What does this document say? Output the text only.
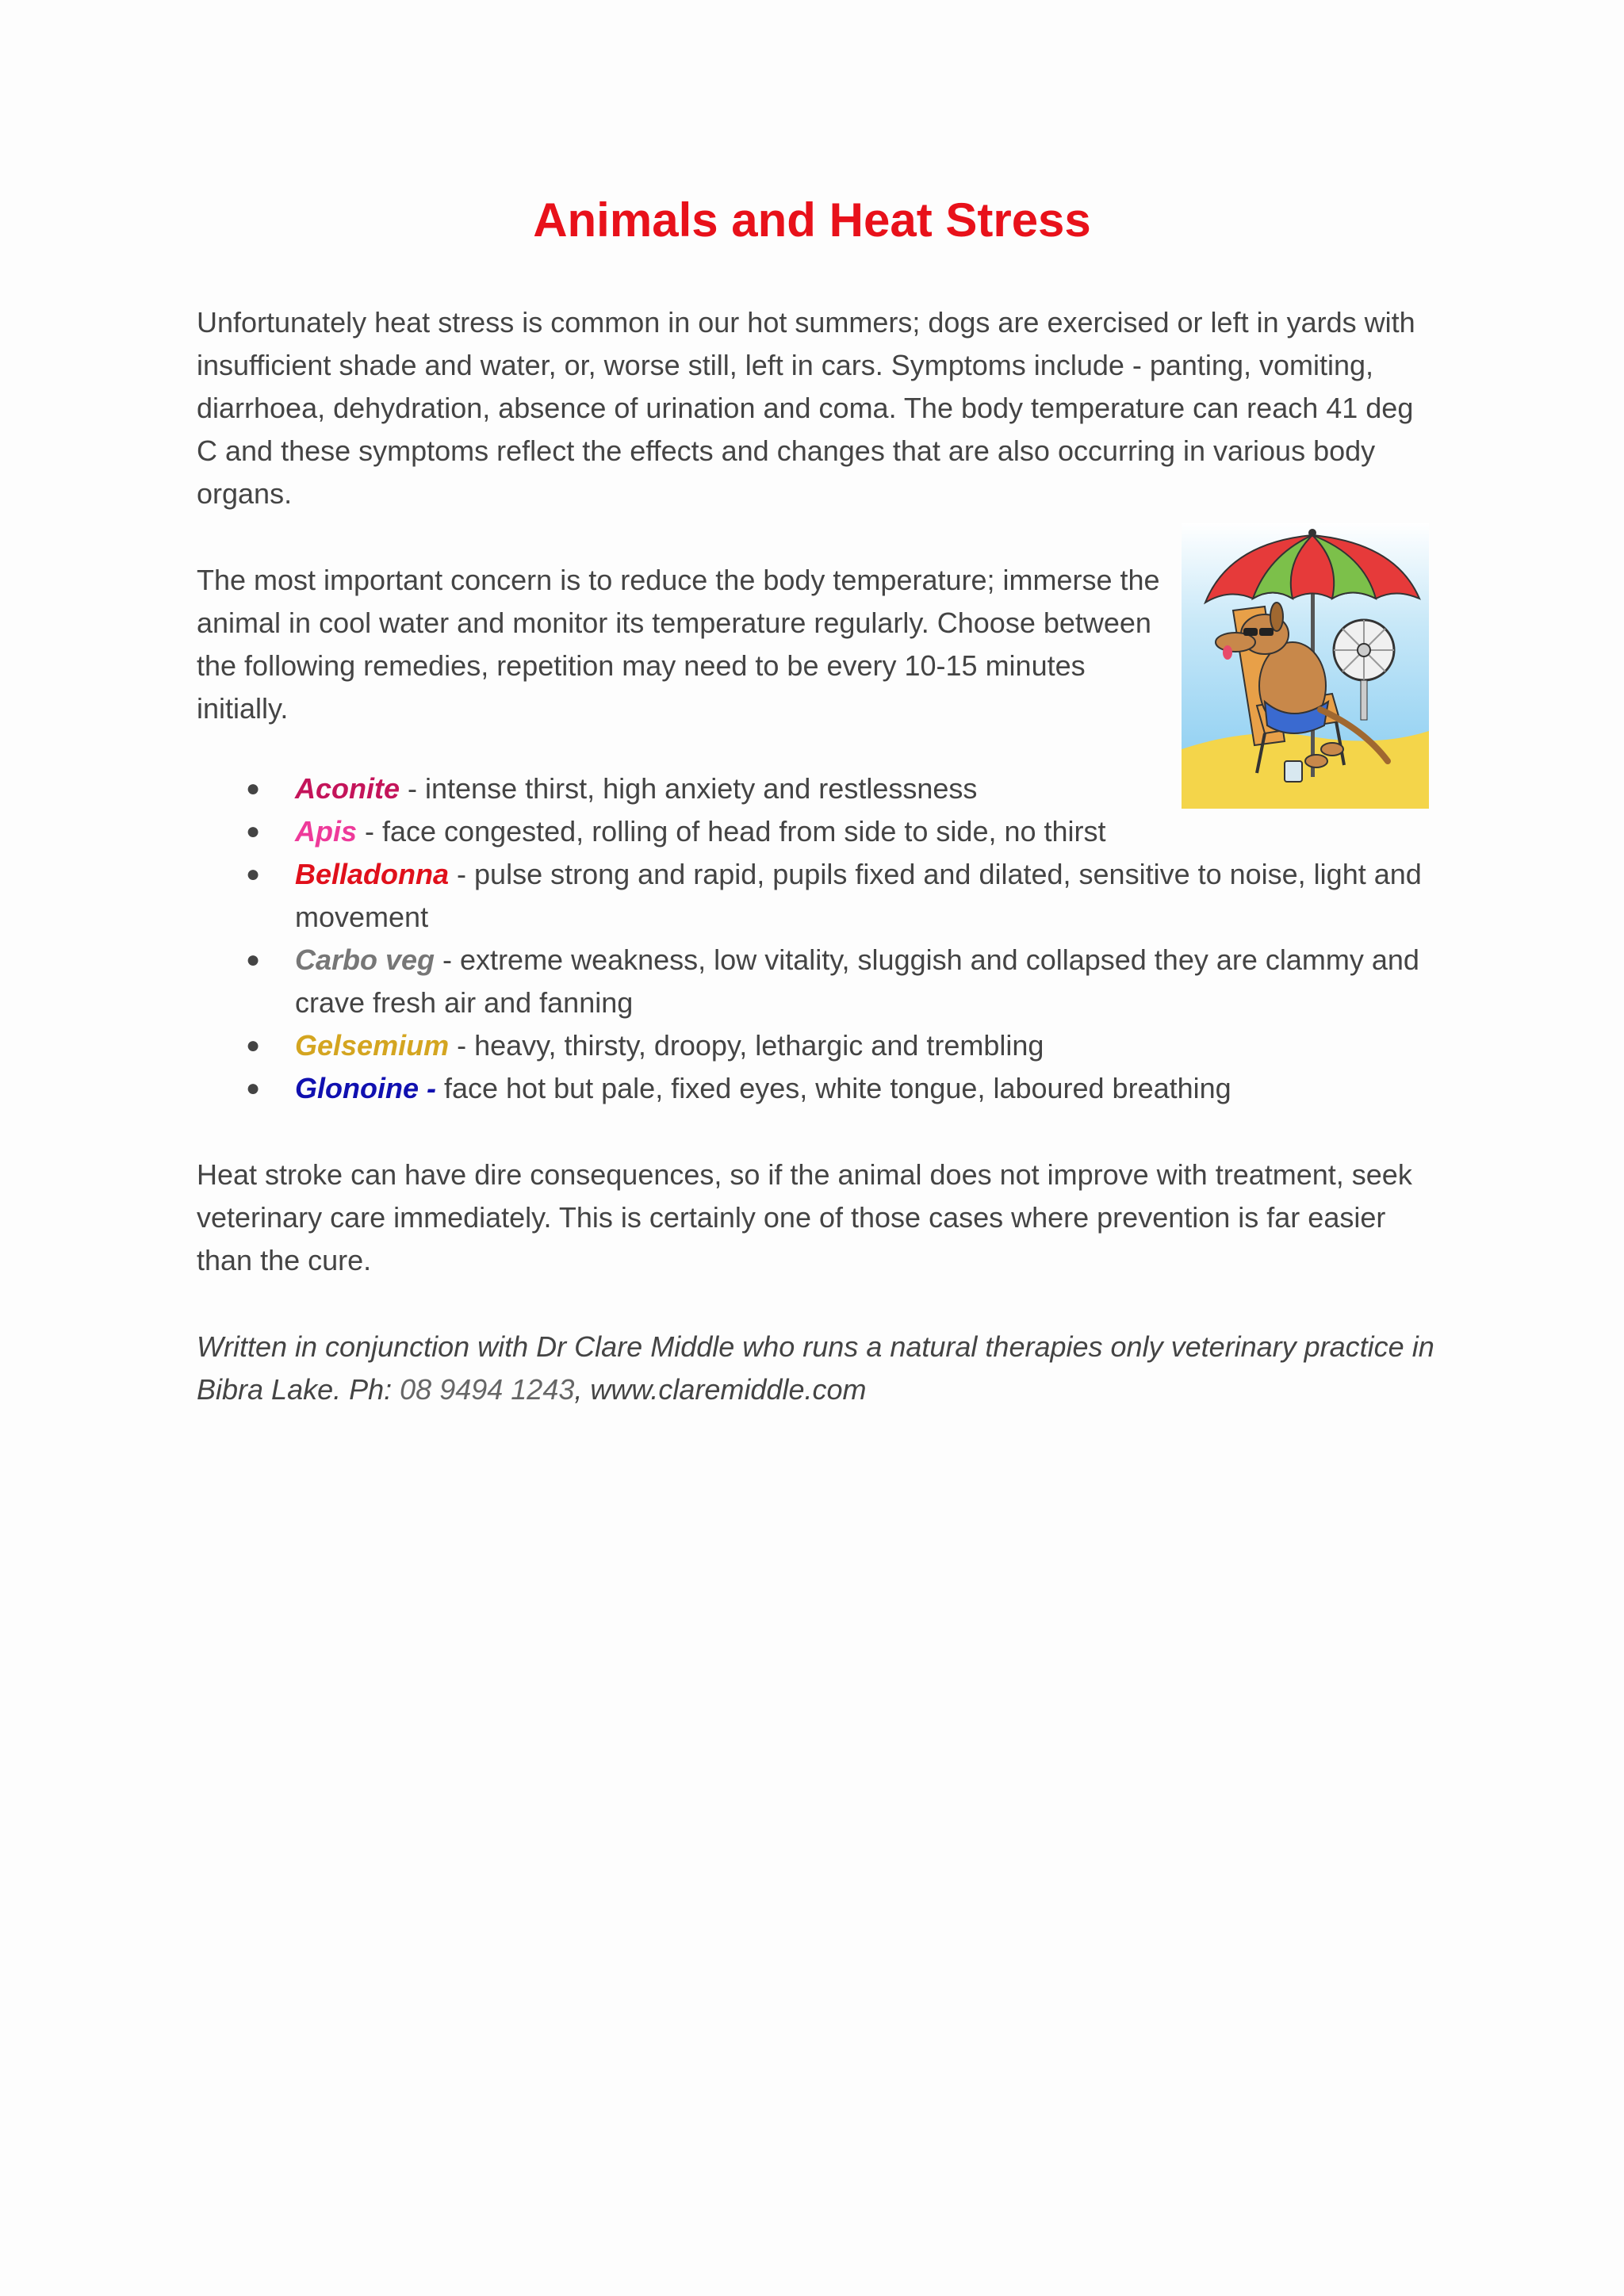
Animals and Heat Stress

Unfortunately heat stress is common in our hot summers; dogs are exercised or left in yards with insufficient shade and water, or, worse still, left in cars. Symptoms include - panting, vomiting, diarrhoea, dehydration, absence of urination and coma. The body temperature can reach 41 deg C and these symptoms reflect the effects and changes that are also occurring in various body organs.

The most important concern is to reduce the body temperature; immerse the animal in cool water and monitor its temperature regularly. Choose between the following remedies, repetition may need to be every 10-15 minutes initially.

● Aconite - intense thirst, high anxiety and restlessness
● Apis - face congested, rolling of head from side to side, no thirst
● Belladonna - pulse strong and rapid, pupils fixed and dilated, sensitive to noise, light and movement
● Carbo veg - extreme weakness, low vitality, sluggish and collapsed they are clammy and crave fresh air and fanning
● Gelsemium - heavy, thirsty, droopy, lethargic and trembling
● Glonoine - face hot but pale, fixed eyes, white tongue, laboured breathing

Heat stroke can have dire consequences, so if the animal does not improve with treatment, seek veterinary care immediately. This is certainly one of those cases where prevention is far easier than the cure.

Written in conjunction with Dr Clare Middle who runs a natural therapies only veterinary practice in Bibra Lake. Ph: 08 9494 1243, www.claremiddle.com
